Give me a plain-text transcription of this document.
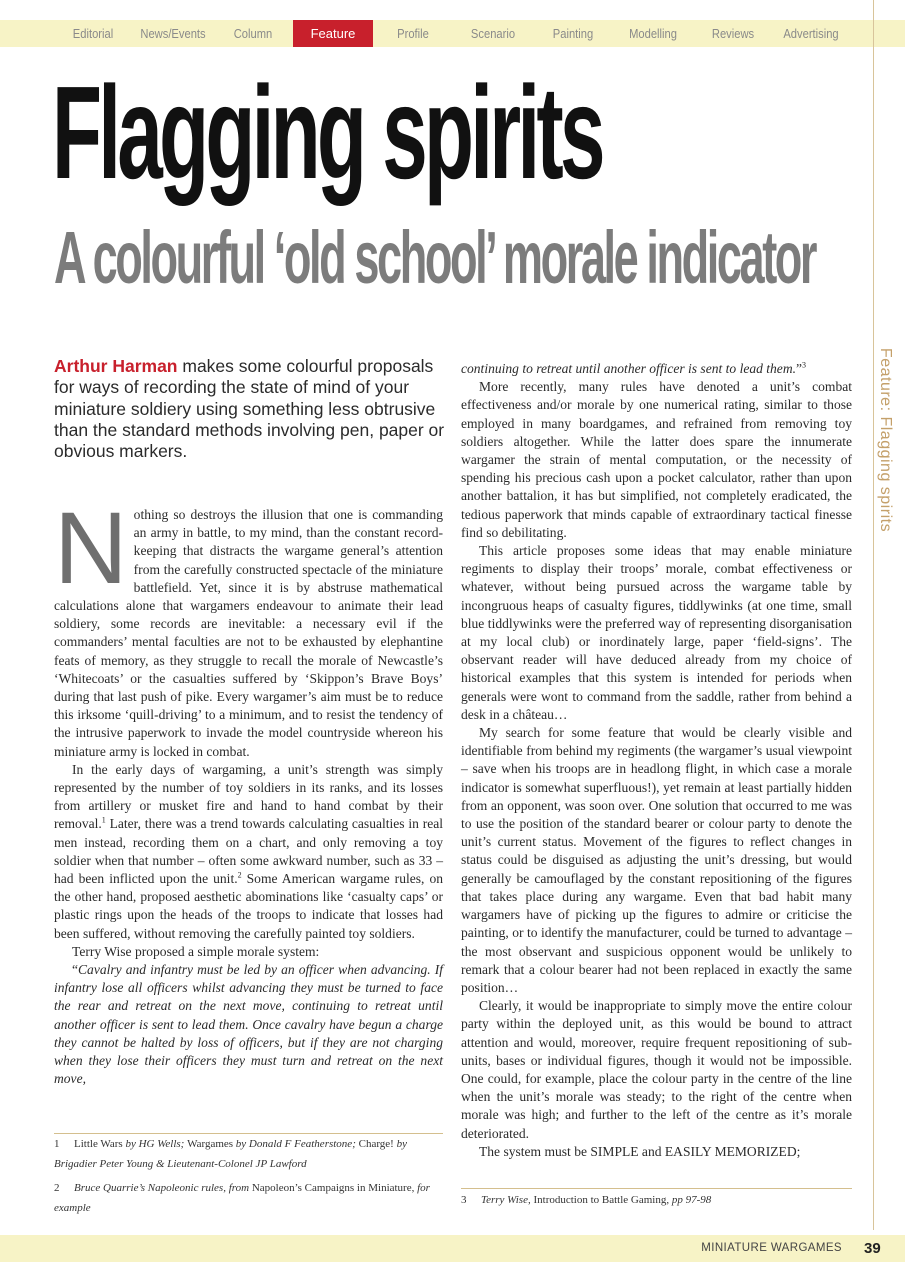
Editorial	News/Events	Column	Feature	Profile	Scenario	Painting	Modelling	Reviews	Advertising
Feature: Flagging spirits
Flagging spirits
A colourful ‘old school’ morale indicator
Arthur Harman makes some colourful proposals for ways of recording the state of mind of your miniature soldiery using something less obtrusive than the standard methods involving pen, paper or obvious markers.

Nothing so destroys the illusion that one is commanding an army in battle, to my mind, than the constant record-keeping that distracts the wargame general’s attention from the carefully constructed spectacle of the miniature battlefield. Yet, since it is by abstruse mathematical calculations alone that wargamers endeavour to animate their lead soldiery, some records are inevitable: a necessary evil if the commanders’ mental faculties are not to be exhausted by elephantine feats of memory, as they struggle to recall the morale of Newcastle’s ‘Whitecoats’ or the casualties suffered by ‘Skippon’s Brave Boys’ during that last push of pike. Every wargamer’s aim must be to reduce this irksome ‘quill-driving’ to a minimum, and to resist the tendency of the intrusive paperwork to invade the model countryside whereon his miniature army is locked in combat.

In the early days of wargaming, a unit’s strength was simply represented by the number of toy soldiers in its ranks, and its losses from artillery or musket fire and hand to hand combat by their removal.$^1$ Later, there was a trend towards calculating casualties in real men instead, recording them on a chart, and only removing a toy soldier when that number – often some awkward number, such as 33 – had been inflicted upon the unit.$^2$ Some American wargame rules, on the other hand, proposed aesthetic abominations like ‘casualty caps’ or plastic rings upon the heads of the troops to indicate that losses had been suffered, without removing the carefully painted toy soldiers.

Terry Wise proposed a simple morale system:

“Cavalry and infantry must be led by an officer when advancing. If infantry lose all officers whilst advancing they must be turned to face the rear and retreat on the next move, continuing to retreat until another officer is sent to lead them. Once cavalry have begun a charge they cannot be halted by loss of officers, but if they are not charging when they lose their officers they must turn and retreat on the next move,

continuing to retreat until another officer is sent to lead them.”$^3$

More recently, many rules have denoted a unit’s combat effectiveness and/or morale by one numerical rating, similar to those employed in many boardgames, and refrained from removing toy soldiers altogether. While the latter does spare the innumerate wargamer the strain of mental computation, or the necessity of spending his precious cash upon a pocket calculator, rather than upon another battalion, it has but simplified, not completely eradicated, the tedious paperwork that minds capable of extraordinary tactical finesse find so debilitating.

This article proposes some ideas that may enable miniature regiments to display their troops’ morale, combat effectiveness or whatever, without being pursued across the wargame table by incongruous heaps of casualty figures, tiddlywinks (at one time, small blue tiddlywinks were the preferred way of representing disorganisation at my local club) or inordinately large, paper ‘field-signs’. The observant reader will have deduced already from my choice of historical examples that this system is intended for periods when generals were wont to command from the saddle, rather from behind a desk in a château…

My search for some feature that would be clearly visible and identifiable from behind my regiments (the wargamer’s usual viewpoint – save when his troops are in headlong flight, in which case a morale indicator is somewhat superfluous!), yet remain at least partially hidden from an opponent, was soon over. One solution that occurred to me was to use the position of the standard bearer or colour party to denote the unit’s current status. Movement of the figures to reflect changes in status could be disguised as adjusting the unit’s dressing, but would generally be camouflaged by the constant repositioning of the figures that takes place during any wargame. Even that bad habit many wargamers have of picking up the figures to admire or criticise the painting, or to identify the manufacturer, could be turned to advantage – the most observant and suspicious opponent would be unlikely to remark that a colour bearer had not been replaced in exactly the same position…

Clearly, it would be inappropriate to simply move the entire colour party within the deployed unit, as this would be bound to attract attention and would, moreover, require frequent repositioning of sub-units, bases or individual figures, though it would not be impossible. One could, for example, place the colour party in the centre of the line when the unit’s morale was steady; to the right of the centre when morale was high; and further to the left of the centre as it’s morale deteriorated.

The system must be SIMPLE and EASILY MEMORIZED;

1 Little Wars by HG Wells; Wargames by Donald F Featherstone; Charge! by Brigadier Peter Young & Lieutenant-Colonel JP Lawford
2 Bruce Quarrie’s Napoleonic rules, from Napoleon’s Campaigns in Miniature, for example
3 Terry Wise, Introduction to Battle Gaming, pp 97-98
MINIATURE WARGAMES 39
